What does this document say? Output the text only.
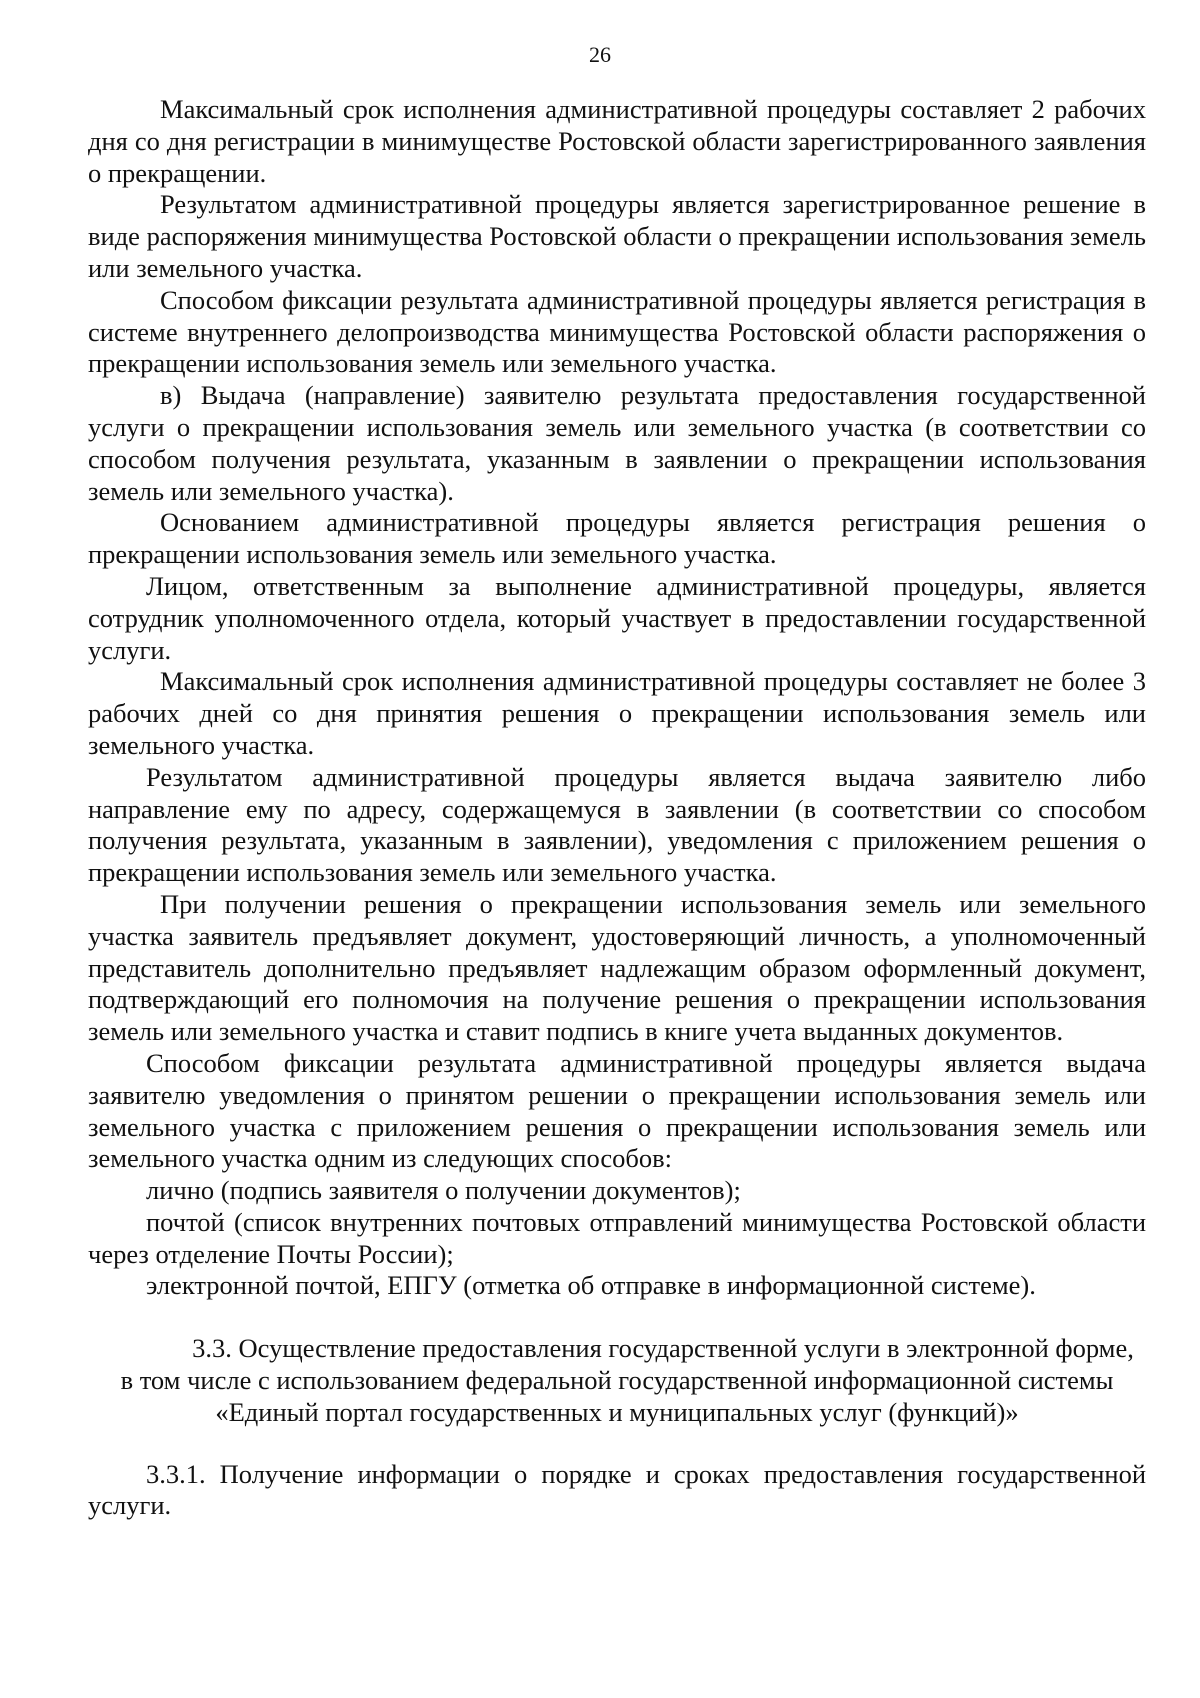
26

Максимальный срок исполнения административной процедуры составляет 2 рабочих дня со дня регистрации в минимуществе Ростовской области зарегистрированного заявления о прекращении.

Результатом административной процедуры является зарегистрированное решение в виде распоряжения минимущества Ростовской области о прекращении использования земель или земельного участка.

Способом фиксации результата административной процедуры является регистрация в системе внутреннего делопроизводства минимущества Ростовской области распоряжения о прекращении использования земель или земельного участка.

в) Выдача (направление) заявителю результата предоставления государственной услуги о прекращении использования земель или земельного участка (в соответствии со способом получения результата, указанным в заявлении о прекращении использования земель или земельного участка).

Основанием административной процедуры является регистрация решения о прекращении использования земель или земельного участка.

Лицом, ответственным за выполнение административной процедуры, является сотрудник уполномоченного отдела, который участвует в предоставлении государственной услуги.

Максимальный срок исполнения административной процедуры составляет не более 3 рабочих дней со дня принятия решения о прекращении использования земель или земельного участка.

Результатом административной процедуры является выдача заявителю либо направление ему по адресу, содержащемуся в заявлении (в соответствии со способом получения результата, указанным в заявлении), уведомления с приложением решения о прекращении использования земель или земельного участка.

При получении решения о прекращении использования земель или земельного участка заявитель предъявляет документ, удостоверяющий личность, а уполномоченный представитель дополнительно предъявляет надлежащим образом оформленный документ, подтверждающий его полномочия на получение решения о прекращении использования земель или земельного участка и ставит подпись в книге учета выданных документов.

Способом фиксации результата административной процедуры является выдача заявителю уведомления о принятом решении о прекращении использования земель или земельного участка с приложением решения о прекращении использования земель или земельного участка одним из следующих способов:

лично (подпись заявителя о получении документов);

почтой (список внутренних почтовых отправлений минимущества Ростовской области через отделение Почты России);

электронной почтой, ЕПГУ (отметка об отправке в информационной системе).

3.3. Осуществление предоставления государственной услуги в электронной форме, в том числе с использованием федеральной государственной информационной системы «Единый портал государственных и муниципальных услуг (функций)»

3.3.1. Получение информации о порядке и сроках предоставления государственной услуги.
